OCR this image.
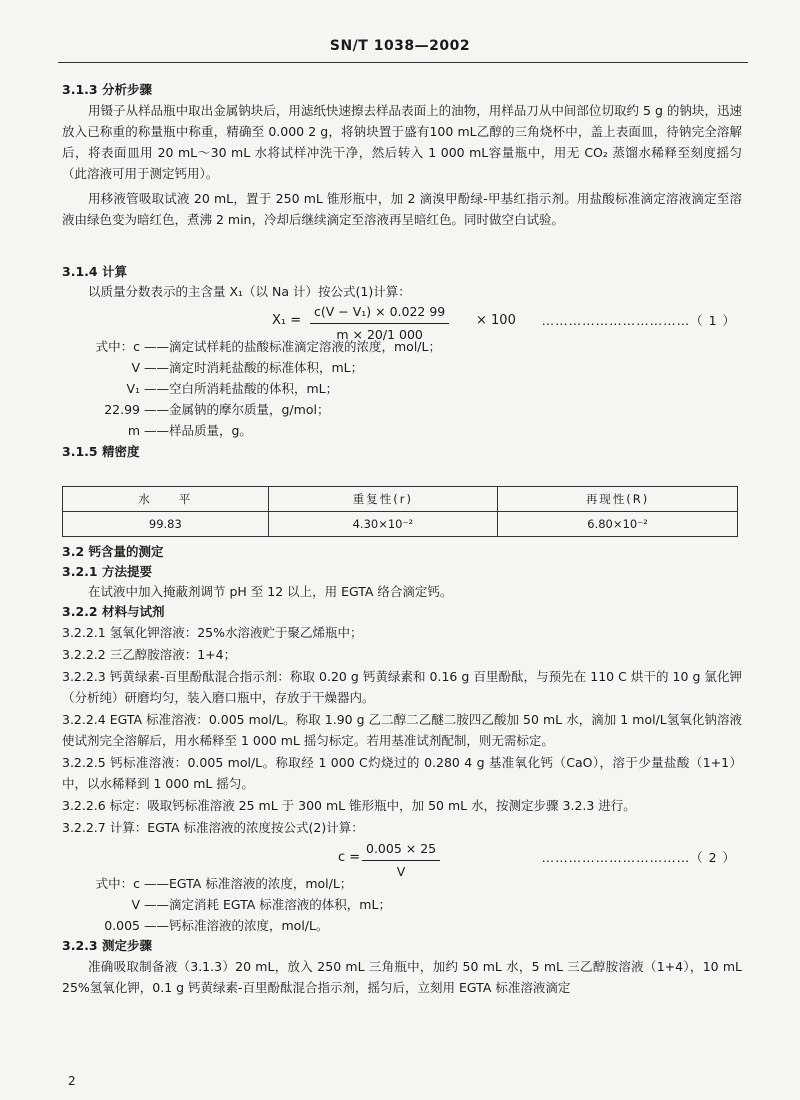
SN/T 1038—2002
3.1.3 分析步骤
用镊子从样品瓶中取出金属钠块后，用滤纸快速擦去样品表面上的油物，用样品刀从中间部位切取约 5 g 的钠块，迅速放入已称重的称量瓶中称重，精确至 0.000 2 g，将钠块置于盛有100 mL乙醇的三角烧杯中，盖上表面皿，待钠完全溶解后，将表面皿用 20 mL～30 mL 水将试样冲洗干净，然后转入 1 000 mL容量瓶中，用无 CO₂ 蒸馏水稀释至刻度摇匀（此溶液可用于测定钙用）。
用移液管吸取试液 20 mL，置于 250 mL 锥形瓶中，加 2 滴溴甲酚绿-甲基红指示剂。用盐酸标准滴定溶液滴定至溶液由绿色变为暗红色，煮沸 2 min，冷却后继续滴定至溶液再呈暗红色。同时做空白试验。
3.1.4 计算
以质量分数表示的主含量 X₁（以 Na 计）按公式(1)计算：
$X_1 = \frac{\text{c(V − V₁) × 0.022 99}}{m \times 20/1 000} \times 100$ ……………………………（ 1 ）
式中：c ——滴定试样耗的盐酸标准滴定溶液的浓度，mol/L；
V ——滴定时消耗盐酸的标准体积，mL；
V₁ ——空白所消耗盐酸的体积，mL；
22.99 ——金属钠的摩尔质量，g/mol；
m ——样品质量，g。
3.1.5 精密度
水　　平	重复性(r)	再现性(R)
99.83	4.30×10⁻²	6.80×10⁻²
3.2 钙含量的测定
3.2.1 方法提要
在试液中加入掩蔽剂调节 pH 至 12 以上，用 EGTA 络合滴定钙。
3.2.2 材料与试剂
3.2.2.1 氢氧化钾溶液：25%水溶液贮于聚乙烯瓶中；
3.2.2.2 三乙醇胺溶液：1+4；
3.2.2.3 钙黄绿素-百里酚酞混合指示剂：称取 0.20 g 钙黄绿素和 0.16 g 百里酚酞，与预先在 110 C 烘干的 10 g 氯化钾（分析纯）研磨均匀，装入磨口瓶中，存放于干燥器内。
3.2.2.4 EGTA 标准溶液：0.005 mol/L。称取 1.90 g 乙二醇二乙醚二胺四乙酸加 50 mL 水，滴加 1 mol/L氢氧化钠溶液使试剂完全溶解后，用水稀释至 1 000 mL 摇匀标定。若用基准试剂配制，则无需标定。
3.2.2.5 钙标准溶液：0.005 mol/L。称取经 1 000 C灼烧过的 0.280 4 g 基准氧化钙（CaO），溶于少量盐酸（1+1）中，以水稀释到 1 000 mL 摇匀。
3.2.2.6 标定：吸取钙标准溶液 25 mL 于 300 mL 锥形瓶中，加 50 mL 水，按测定步骤 3.2.3 进行。
3.2.2.7 计算：EGTA 标准溶液的浓度按公式(2)计算：
$c = \frac{0.005 \times 25}{V}$	……………………………（ 2 ）
式中：c ——EGTA 标准溶液的浓度，mol/L；
V ——滴定消耗 EGTA 标准溶液的体积，mL；
0.005 ——钙标准溶液的浓度，mol/L。
3.2.3 测定步骤
准确吸取制备液（3.1.3）20 mL，放入 250 mL 三角瓶中，加约 50 mL 水，5 mL 三乙醇胺溶液（1+4），10 mL 25%氢氧化钾，0.1 g 钙黄绿素-百里酚酞混合指示剂，摇匀后，立刻用 EGTA 标准溶液滴定
2
